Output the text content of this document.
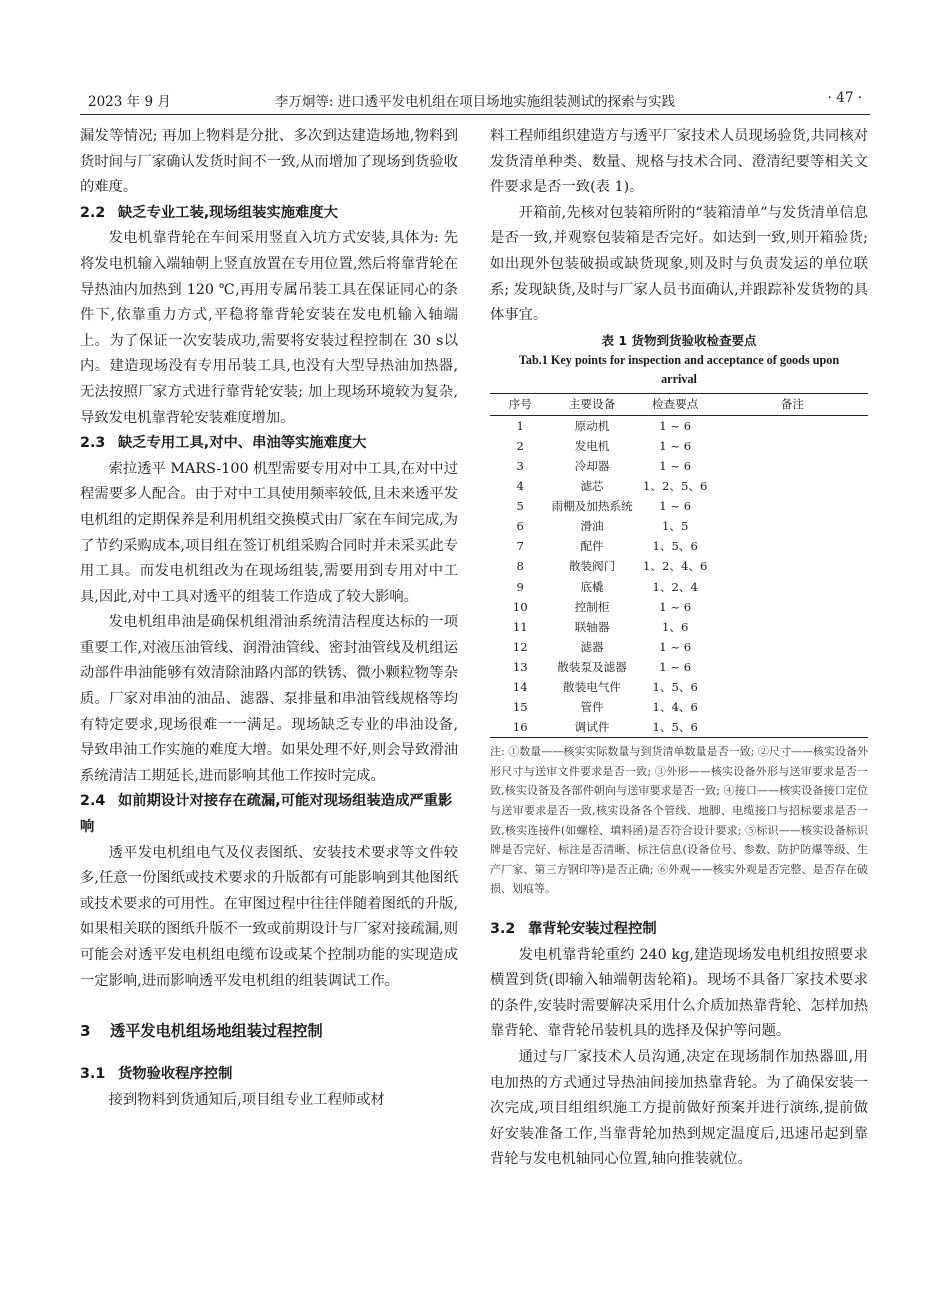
2023 年 9 月	李万炯等: 进口透平发电机组在项目场地实施组装测试的探索与实践	· 47 ·

漏发等情况; 再加上物料是分批、多次到达建造场地,物料到货时间与厂家确认发货时间不一致,从而增加了现场到货验收的难度。

2.2 缺乏专业工装,现场组装实施难度大

发电机靠背轮在车间采用竖直入坑方式安装,具体为: 先将发电机输入端轴朝上竖直放置在专用位置,然后将靠背轮在导热油内加热到 120 ℃,再用专属吊装工具在保证同心的条件下,依靠重力方式,平稳将靠背轮安装在发电机输入轴端上。为了保证一次安装成功,需要将安装过程控制在 30 s以内。建造现场没有专用吊装工具,也没有大型导热油加热器,无法按照厂家方式进行靠背轮安装; 加上现场环境较为复杂,导致发电机靠背轮安装难度增加。

2.3 缺乏专用工具,对中、串油等实施难度大

索拉透平 MARS-100 机型需要专用对中工具,在对中过程需要多人配合。由于对中工具使用频率较低,且未来透平发电机组的定期保养是利用机组交换模式由厂家在车间完成,为了节约采购成本,项目组在签订机组采购合同时并未采买此专用工具。而发电机组改为在现场组装,需要用到专用对中工具,因此,对中工具对透平的组装工作造成了较大影响。

发电机组串油是确保机组滑油系统清洁程度达标的一项重要工作,对液压油管线、润滑油管线、密封油管线及机组运动部件串油能够有效清除油路内部的铁锈、微小颗粒物等杂质。厂家对串油的油品、滤器、泵排量和串油管线规格等均有特定要求,现场很难一一满足。现场缺乏专业的串油设备,导致串油工作实施的难度大增。如果处理不好,则会导致滑油系统清洁工期延长,进而影响其他工作按时完成。

2.4 如前期设计对接存在疏漏,可能对现场组装造成严重影响

透平发电机组电气及仪表图纸、安装技术要求等文件较多,任意一份图纸或技术要求的升版都有可能影响到其他图纸或技术要求的可用性。在审图过程中往往伴随着图纸的升版,如果相关联的图纸升版不一致或前期设计与厂家对接疏漏,则可能会对透平发电机组电缆布设或某个控制功能的实现造成一定影响,进而影响透平发电机组的组装调试工作。

3 透平发电机组场地组装过程控制
3.1 货物验收程序控制

接到物料到货通知后,项目组专业工程师或材

料工程师组织建造方与透平厂家技术人员现场验货,共同核对发货清单种类、数量、规格与技术合同、澄清纪要等相关文件要求是否一致(表 1)。

开箱前,先核对包装箱所附的“装箱清单”与发货清单信息是否一致,并观察包装箱是否完好。如达到一致,则开箱验货; 如出现外包装破损或缺货现象,则及时与负责发运的单位联系; 发现缺货,及时与厂家人员书面确认,并跟踪补发货物的具体事宜。

表 1 货物到货验收检查要点
Tab.1 Key points for inspection and acceptance of goods upon arrival
序号	主要设备	检查要点	备注
1	原动机	1 ~ 6	
2	发电机	1 ~ 6	
3	冷却器	1 ~ 6	
4	滤芯	1、2、5、6	
5	雨棚及加热系统	1 ~ 6	
6	滑油	1、5	
7	配件	1、5、6	
8	散装阀门	1、2、4、6	
9	底橇	1、2、4	
10	控制柜	1 ~ 6	
11	联轴器	1、6	
12	滤器	1 ~ 6	
13	散装泵及滤器	1 ~ 6	
14	散装电气件	1、5、6	
15	管件	1、4、6	
16	调试件	1、5、6	
注: ①数量——核实实际数量与到货清单数量是否一致; ②尺寸——核实设备外形尺寸与送审文件要求是否一致; ③外形——核实设备外形与送审要求是否一致,核实设备及各部件朝向与送审要求是否一致; ④接口——核实设备接口定位与送审要求是否一致,核实设备各个管线、地脚、电缆接口与招标要求是否一致,核实连接件(如螺栓、填料函)是否符合设计要求; ⑤标识——核实设备标识牌是否完好、标注是否清晰、标注信息(设备位号、参数、防护防爆等级、生产厂家、第三方钢印等)是否正确; ⑥外观——核实外观是否完整、是否存在破损、划痕等。
3.2 靠背轮安装过程控制

发电机靠背轮重约 240 kg,建造现场发电机组按照要求横置到货(即输入轴端朝齿轮箱)。现场不具备厂家技术要求的条件,安装时需要解决采用什么介质加热靠背轮、怎样加热靠背轮、靠背轮吊装机具的选择及保护等问题。

通过与厂家技术人员沟通,决定在现场制作加热器皿,用电加热的方式通过导热油间接加热靠背轮。为了确保安装一次完成,项目组组织施工方提前做好预案并进行演练,提前做好安装准备工作,当靠背轮加热到规定温度后,迅速吊起到靠背轮与发电机轴同心位置,轴向推装就位。
